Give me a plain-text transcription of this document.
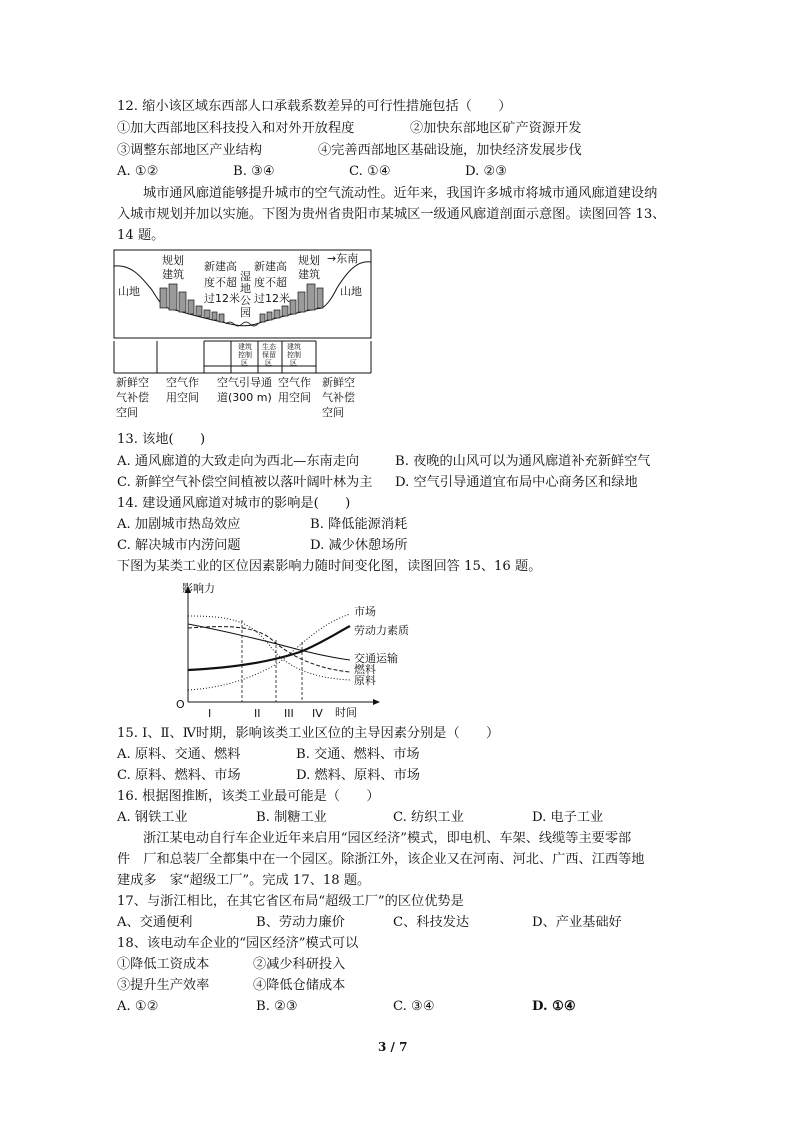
12. 缩小该区域东西部人口承载系数差异的可行性措施包括（　　）
①加大西部地区科技投入和对外开放程度	②加快东部地区矿产资源开发
③调整东部地区产业结构	④完善西部地区基础设施，加快经济发展步伐
A. ①②	B. ③④	C. ①④	D. ②③
城市通风廊道能够提升城市的空气流动性。近年来，我国许多城市将城市通风廊道建设纳
入城市规划并加以实施。下图为贵州省贵阳市某城区一级通风廊道剖面示意图。读图回答 13、
14 题。
山地	山地
→东南
规划
建筑
规划
建筑
新建高
度不超
过12米
新建高
度不超
过12米
湿
地
公
园
建筑
控制
区
生态
保留
区
建筑
控制
区
新鲜空
气补偿
空间
空气作
用空间
空气引导通
道(300 m)
空气作
用空间
新鲜空
气补偿
空间
13. 该地(　　)
A. 通风廊道的大致走向为西北—东南走向	B. 夜晚的山风可以为通风廊道补充新鲜空气
C. 新鲜空气补偿空间植被以落叶阔叶林为主 D. 空气引导通道宜布局中心商务区和绿地
14. 建设通风廊道对城市的影响是(　　)
A. 加剧城市热岛效应	B. 降低能源消耗
C. 解决城市内涝问题	D. 减少休憩场所
下图为某类工业的区位因素影响力随时间变化图，读图回答 15、16 题。
影响力
O
时间
I	II III IV
市场
劳动力素质
交通运输
燃料
原料
15. Ⅰ、Ⅱ、Ⅳ时期，影响该类工业区位的主导因素分别是（　　）
A. 原料、交通、燃料	B. 交通、燃料、市场
C. 原料、燃料、市场	D. 燃料、原料、市场
16. 根据图推断，该类工业最可能是（　　）
A. 钢铁工业	B. 制糖工业	C. 纺织工业	D. 电子工业
浙江某电动自行车企业近年来启用“园区经济”模式，即电机、车架、线缆等主要零部
件　厂和总装厂全都集中在一个园区。除浙江外，该企业又在河南、河北、广西、江西等地
建成多　家“超级工厂”。完成 17、18 题。
17、与浙江相比，在其它省区布局“超级工厂”的区位优势是
A、交通便利	B、劳动力廉价	C、科技发达	D、产业基础好
18、该电动车企业的“园区经济”模式可以
①降低工资成本	②减少科研投入
③提升生产效率	④降低仓储成本
A. ①②	B. ②③	C. ③④	D. ①④
3 / 7
